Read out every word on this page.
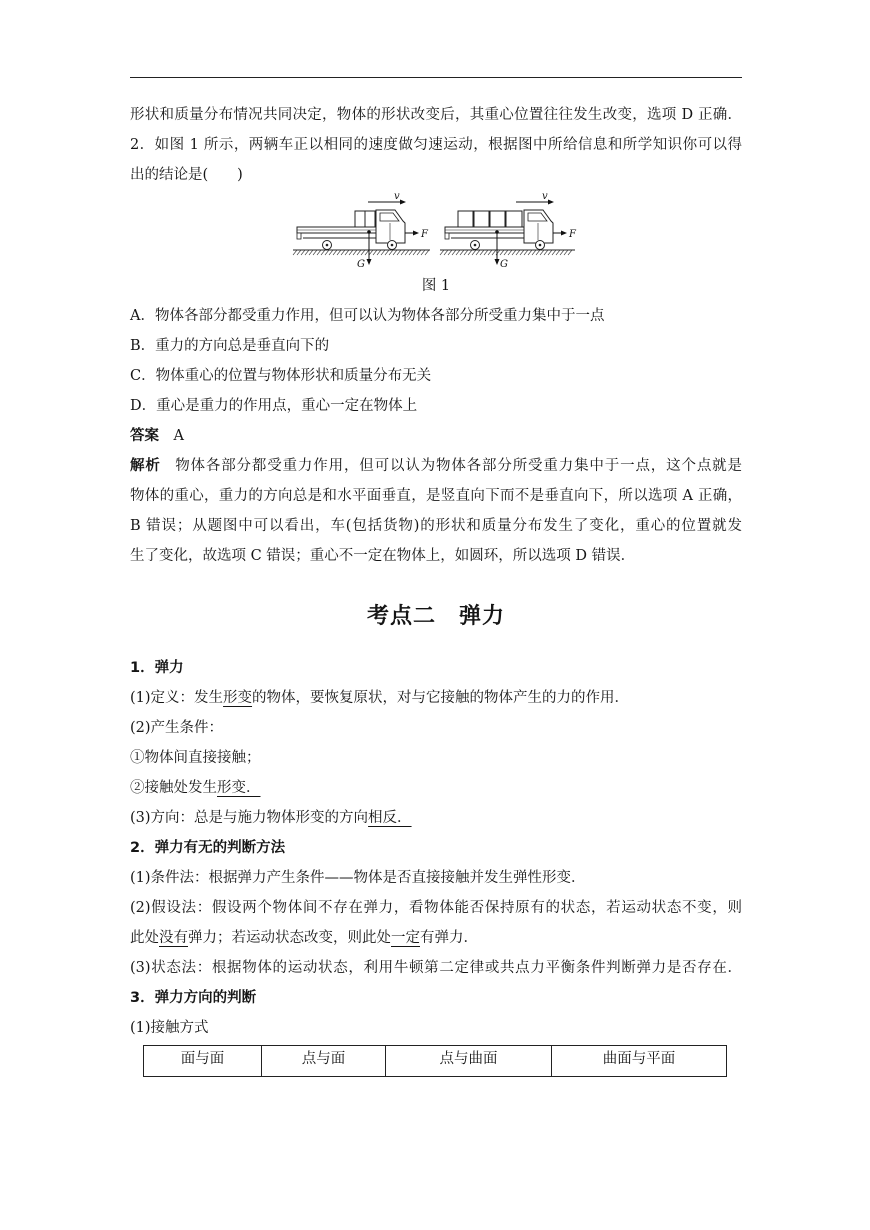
形状和质量分布情况共同决定，物体的形状改变后，其重心位置往往发生改变，选项 D 正确．
2．如图 1 所示，两辆车正以相同的速度做匀速运动，根据图中所给信息和所学知识你可以得
出的结论是(　　)
G
v
F
G
v
F
图 1
A．物体各部分都受重力作用，但可以认为物体各部分所受重力集中于一点
B．重力的方向总是垂直向下的
C．物体重心的位置与物体形状和质量分布无关
D．重心是重力的作用点，重心一定在物体上
答案 A
解析 物体各部分都受重力作用，但可以认为物体各部分所受重力集中于一点，这个点就是
物体的重心，重力的方向总是和水平面垂直，是竖直向下而不是垂直向下，所以选项 A 正确，
B 错误；从题图中可以看出，车(包括货物)的形状和质量分布发生了变化，重心的位置就发
生了变化，故选项 C 错误；重心不一定在物体上，如圆环，所以选项 D 错误．
考点二　弹力
1．弹力
(1)定义：发生形变的物体，要恢复原状，对与它接触的物体产生的力的作用．
(2)产生条件：
①物体间直接接触；
②接触处发生形变．
(3)方向：总是与施力物体形变的方向相反．
2．弹力有无的判断方法
(1)条件法：根据弹力产生条件——物体是否直接接触并发生弹性形变．
(2)假设法：假设两个物体间不存在弹力，看物体能否保持原有的状态，若运动状态不变，则
此处没有弹力；若运动状态改变，则此处一定有弹力．
(3)状态法：根据物体的运动状态，利用牛顿第二定律或共点力平衡条件判断弹力是否存在．
3．弹力方向的判断
(1)接触方式
面与面	点与面	点与曲面	曲面与平面
